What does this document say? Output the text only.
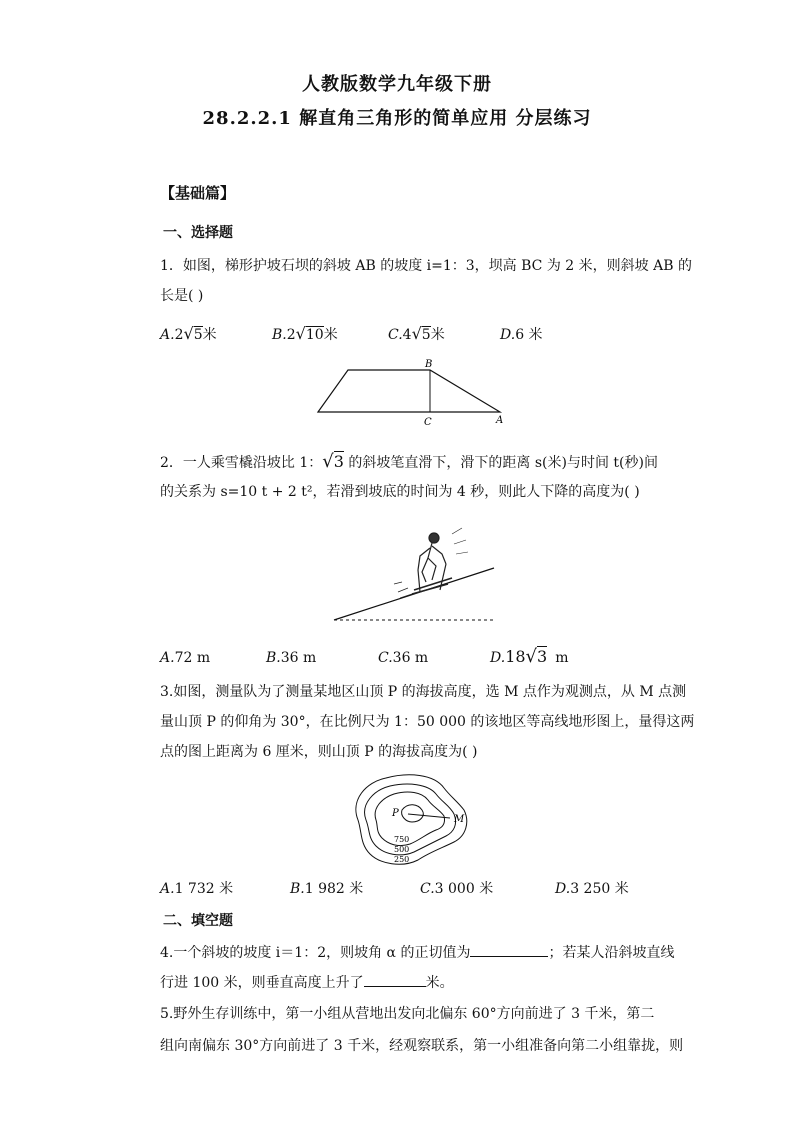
人教版数学九年级下册
28.2.2.1 解直角三角形的简单应用 分层练习
【基础篇】
一、选择题
1．如图，梯形护坡石坝的斜坡 AB 的坡度 i=1：3，坝高 BC 为 2 米，则斜坡 AB 的
长是( )
A.2√5米	B.2√10米	C.4√5米	D.6 米
B
C	A
2．一人乘雪橇沿坡比 1：√3 的斜坡笔直滑下，滑下的距离 s(米)与时间 t(秒)间
的关系为 s=10 t + 2 t²，若滑到坡底的时间为 4 秒，则此人下降的高度为( )
A.72 m	B.36 m	C.36 m	D.18√3 m
3.如图，测量队为了测量某地区山顶 P 的海拔高度，选 M 点作为观测点，从 M 点测
量山顶 P 的仰角为 30°，在比例尺为 1：50 000 的该地区等高线地形图上，量得这两
点的图上距离为 6 厘米，则山顶 P 的海拔高度为( )
P
M
750
500
250
A.1 732 米	B.1 982 米	C.3 000 米	D.3 250 米
二、填空题
4.一个斜坡的坡度 i＝1：2，则坡角 α 的正切值为	；若某人沿斜坡直线
行进 100 米，则垂直高度上升了	米。
5.野外生存训练中，第一小组从营地出发向北偏东 60°方向前进了 3 千米，第二
组向南偏东 30°方向前进了 3 千米，经观察联系，第一小组准备向第二小组靠拢，则
